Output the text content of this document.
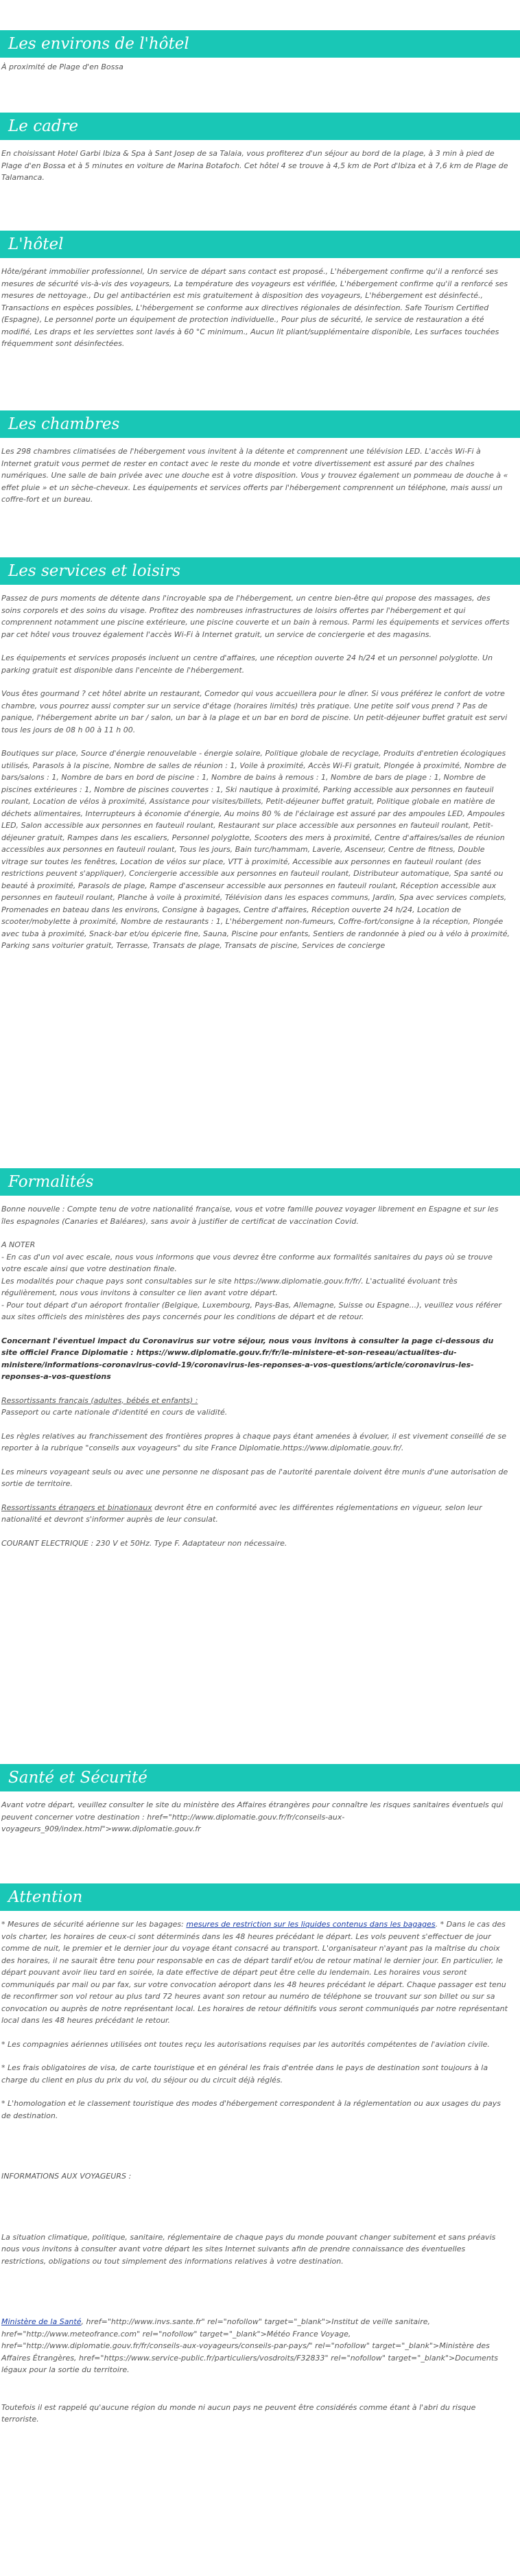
Les environs de l'hôtel

À proximité de Plage d'en Bossa

Le cadre

En choisissant Hotel Garbi Ibiza & Spa à Sant Josep de sa Talaia, vous profiterez d'un séjour au bord de la plage, à 3 min à pied de Plage d'en Bossa et à 5 minutes en voiture de Marina Botafoch. Cet hôtel 4 se trouve à 4,5 km de Port d'Ibiza et à 7,6 km de Plage de Talamanca.

L'hôtel

Hôte/gérant immobilier professionnel, Un service de départ sans contact est proposé., L'hébergement confirme qu'il a renforcé ses mesures de sécurité vis-à-vis des voyageurs, La température des voyageurs est vérifiée, L'hébergement confirme qu'il a renforcé ses mesures de nettoyage., Du gel antibactérien est mis gratuitement à disposition des voyageurs, L'hébergement est désinfecté., Transactions en espèces possibles, L'hébergement se conforme aux directives régionales de désinfection. Safe Tourism Certified (Espagne), Le personnel porte un équipement de protection individuelle., Pour plus de sécurité, le service de restauration a été modifié, Les draps et les serviettes sont lavés à 60 °C minimum., Aucun lit pliant/supplémentaire disponible, Les surfaces touchées fréquemment sont désinfectées.

Les chambres

Les 298 chambres climatisées de l'hébergement vous invitent à la détente et comprennent une télévision LED. L'accès Wi-Fi à Internet gratuit vous permet de rester en contact avec le reste du monde et votre divertissement est assuré par des chaînes numériques. Une salle de bain privée avec une douche est à votre disposition. Vous y trouvez également un pommeau de douche à « effet pluie » et un sèche-cheveux. Les équipements et services offerts par l'hébergement comprennent un téléphone, mais aussi un coffre-fort et un bureau.

Les services et loisirs

Passez de purs moments de détente dans l'incroyable spa de l'hébergement, un centre bien-être qui propose des massages, des soins corporels et des soins du visage. Profitez des nombreuses infrastructures de loisirs offertes par l'hébergement et qui comprennent notamment une piscine extérieure, une piscine couverte et un bain à remous. Parmi les équipements et services offerts par cet hôtel vous trouvez également l'accès Wi-Fi à Internet gratuit, un service de conciergerie et des magasins.

Les équipements et services proposés incluent un centre d'affaires, une réception ouverte 24 h/24 et un personnel polyglotte. Un parking gratuit est disponible dans l'enceinte de l'hébergement.

Vous êtes gourmand ? cet hôtel abrite un restaurant, Comedor qui vous accueillera pour le dîner. Si vous préférez le confort de votre chambre, vous pourrez aussi compter sur un service d'étage (horaires limités) très pratique. Une petite soif vous prend ? Pas de panique, l'hébergement abrite un bar / salon, un bar à la plage et un bar en bord de piscine. Un petit-déjeuner buffet gratuit est servi tous les jours de 08 h 00 à 11 h 00.

Boutiques sur place, Source d'énergie renouvelable - énergie solaire, Politique globale de recyclage, Produits d'entretien écologiques utilisés, Parasols à la piscine, Nombre de salles de réunion : 1, Voile à proximité, Accès Wi-Fi gratuit, Plongée à proximité, Nombre de bars/salons : 1, Nombre de bars en bord de piscine : 1, Nombre de bains à remous : 1, Nombre de bars de plage : 1, Nombre de piscines extérieures : 1, Nombre de piscines couvertes : 1, Ski nautique à proximité, Parking accessible aux personnes en fauteuil roulant, Location de vélos à proximité, Assistance pour visites/billets, Petit-déjeuner buffet gratuit, Politique globale en matière de déchets alimentaires, Interrupteurs à économie d'énergie, Au moins 80 % de l'éclairage est assuré par des ampoules LED, Ampoules LED, Salon accessible aux personnes en fauteuil roulant, Restaurant sur place accessible aux personnes en fauteuil roulant, Petit-déjeuner gratuit, Rampes dans les escaliers, Personnel polyglotte, Scooters des mers à proximité, Centre d'affaires/salles de réunion accessibles aux personnes en fauteuil roulant, Tous les jours, Bain turc/hammam, Laverie, Ascenseur, Centre de fitness, Double vitrage sur toutes les fenêtres, Location de vélos sur place, VTT à proximité, Accessible aux personnes en fauteuil roulant (des restrictions peuvent s'appliquer), Conciergerie accessible aux personnes en fauteuil roulant, Distributeur automatique, Spa santé ou beauté à proximité, Parasols de plage, Rampe d'ascenseur accessible aux personnes en fauteuil roulant, Réception accessible aux personnes en fauteuil roulant, Planche à voile à proximité, Télévision dans les espaces communs, Jardin, Spa avec services complets, Promenades en bateau dans les environs, Consigne à bagages, Centre d'affaires, Réception ouverte 24 h/24, Location de scooter/mobylette à proximité, Nombre de restaurants : 1, L'hébergement non-fumeurs, Coffre-fort/consigne à la réception, Plongée avec tuba à proximité, Snack-bar et/ou épicerie fine, Sauna, Piscine pour enfants, Sentiers de randonnée à pied ou à vélo à proximité, Parking sans voiturier gratuit, Terrasse, Transats de plage, Transats de piscine, Services de concierge

Formalités

Bonne nouvelle : Compte tenu de votre nationalité française, vous et votre famille pouvez voyager librement en Espagne et sur les îles espagnoles (Canaries et Baléares), sans avoir à justifier de certificat de vaccination Covid.

A NOTER
- En cas d'un vol avec escale, nous vous informons que vous devrez être conforme aux formalités sanitaires du pays où se trouve votre escale ainsi que votre destination finale.
Les modalités pour chaque pays sont consultables sur le site https://www.diplomatie.gouv.fr/fr/. L'actualité évoluant très régulièrement, nous vous invitons à consulter ce lien avant votre départ.
- Pour tout départ d'un aéroport frontalier (Belgique, Luxembourg, Pays-Bas, Allemagne, Suisse ou Espagne...), veuillez vous référer aux sites officiels des ministères des pays concernés pour les conditions de départ et de retour.

Concernant l'éventuel impact du Coronavirus sur votre séjour, nous vous invitons à consulter la page ci-dessous du site officiel France Diplomatie : https://www.diplomatie.gouv.fr/fr/le-ministere-et-son-reseau/actualites-du-ministere/informations-coronavirus-covid-19/coronavirus-les-reponses-a-vos-questions/article/coronavirus-les-reponses-a-vos-questions

Ressortissants français (adultes, bébés et enfants) :
Passeport ou carte nationale d'identité en cours de validité.

Les règles relatives au franchissement des frontières propres à chaque pays étant amenées à évoluer, il est vivement conseillé de se reporter à la rubrique "conseils aux voyageurs" du site France Diplomatie.https://www.diplomatie.gouv.fr/.

Les mineurs voyageant seuls ou avec une personne ne disposant pas de l'autorité parentale doivent être munis d'une autorisation de sortie de territoire.

Ressortissants étrangers et binationaux devront être en conformité avec les différentes réglementations en vigueur, selon leur nationalité et devront s'informer auprès de leur consulat.

COURANT ELECTRIQUE : 230 V et 50Hz. Type F. Adaptateur non nécessaire.

Santé et Sécurité

Avant votre départ, veuillez consulter le site du ministère des Affaires étrangères pour connaître les risques sanitaires éventuels qui peuvent concerner votre destination : href="http://www.diplomatie.gouv.fr/fr/conseils-aux-voyageurs_909/index.html">www.diplomatie.gouv.fr

Attention

* Mesures de sécurité aérienne sur les bagages: mesures de restriction sur les liquides contenus dans les bagages. * Dans le cas des vols charter, les horaires de ceux-ci sont déterminés dans les 48 heures précédant le départ. Les vols peuvent s'effectuer de jour comme de nuit, le premier et le dernier jour du voyage étant consacré au transport. L'organisateur n'ayant pas la maîtrise du choix des horaires, il ne saurait être tenu pour responsable en cas de départ tardif et/ou de retour matinal le dernier jour. En particulier, le départ pouvant avoir lieu tard en soirée, la date effective de départ peut être celle du lendemain. Les horaires vous seront communiqués par mail ou par fax, sur votre convocation aéroport dans les 48 heures précédant le départ. Chaque passager est tenu de reconfirmer son vol retour au plus tard 72 heures avant son retour au numéro de téléphone se trouvant sur son billet ou sur sa convocation ou auprès de notre représentant local. Les horaires de retour définitifs vous seront communiqués par notre représentant local dans les 48 heures précédant le retour.

* Les compagnies aériennes utilisées ont toutes reçu les autorisations requises par les autorités compétentes de l'aviation civile.

* Les frais obligatoires de visa, de carte touristique et en général les frais d'entrée dans le pays de destination sont toujours à la charge du client en plus du prix du vol, du séjour ou du circuit déjà réglés.

* L'homologation et le classement touristique des modes d'hébergement correspondent à la réglementation ou aux usages du pays de destination.

INFORMATIONS AUX VOYAGEURS :

La situation climatique, politique, sanitaire, réglementaire de chaque pays du monde pouvant changer subitement et sans préavis nous vous invitons à consulter avant votre départ les sites Internet suivants afin de prendre connaissance des éventuelles restrictions, obligations ou tout simplement des informations relatives à votre destination.

Ministère de la Santé, href="http://www.invs.sante.fr" rel="nofollow" target="_blank">Institut de veille sanitaire, href="http://www.meteofrance.com" rel="nofollow" target="_blank">Météo France Voyage, href="http://www.diplomatie.gouv.fr/fr/conseils-aux-voyageurs/conseils-par-pays/" rel="nofollow" target="_blank">Ministère des Affaires Étrangères, href="https://www.service-public.fr/particuliers/vosdroits/F32833" rel="nofollow" target="_blank">Documents légaux pour la sortie du territoire.

Toutefois il est rappelé qu'aucune région du monde ni aucun pays ne peuvent être considérés comme étant à l'abri du risque terroriste.
